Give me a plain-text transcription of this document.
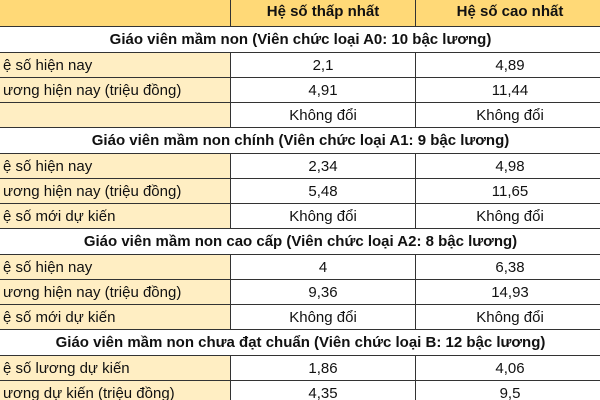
	Hệ số thấp nhất	Hệ số cao nhất
Giáo viên mầm non (Viên chức loại A0: 10 bậc lương)		
ệ số hiện nay	2,1	4,89
ương hiện nay (triệu đồng)	4,91	11,44
	Không đổi	Không đổi
Giáo viên mầm non chính (Viên chức loại A1: 9 bậc lương)		
ệ số hiện nay	2,34	4,98
ương hiện nay (triệu đồng)	5,48	11,65
ệ số mới dự kiến	Không đổi	Không đổi
Giáo viên mầm non cao cấp (Viên chức loại A2: 8 bậc lương)		
ệ số hiện nay	4	6,38
ương hiện nay (triệu đồng)	9,36	14,93
ệ số mới dự kiến	Không đổi	Không đổi
Giáo viên mầm non chưa đạt chuẩn (Viên chức loại B: 12 bậc lương)		
ệ số lương dự kiến	1,86	4,06
ương dự kiến (triệu đồng)	4,35	9,5
